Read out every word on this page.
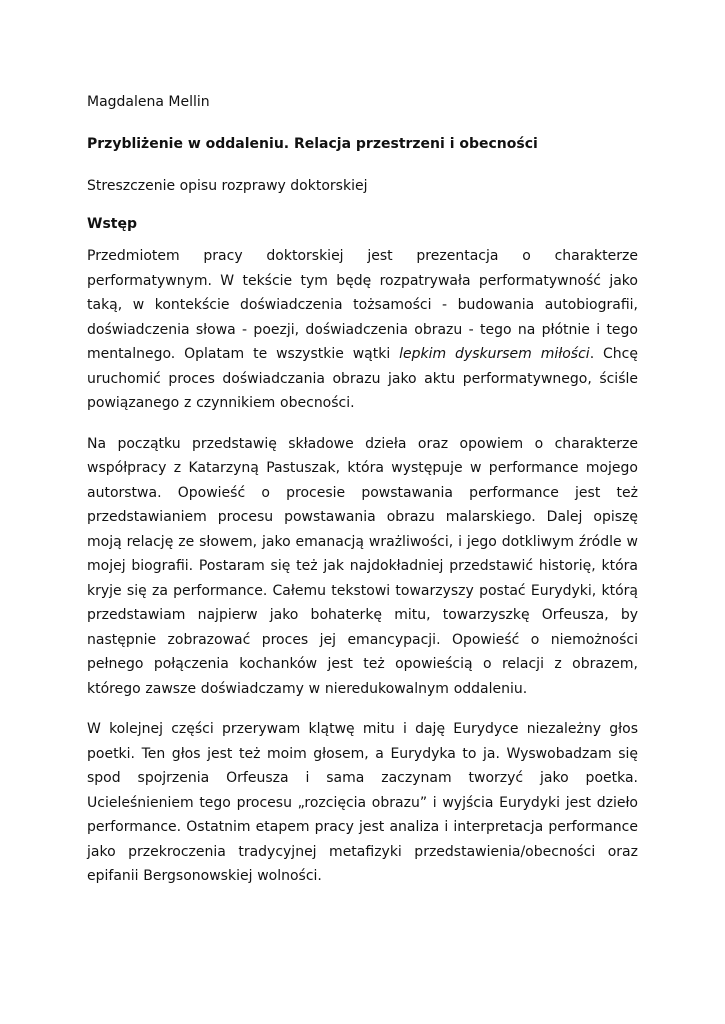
Magdalena Mellin

Przybliżenie w oddaleniu. Relacja przestrzeni i obecności

Streszczenie opisu rozprawy doktorskiej

Wstęp

Przedmiotem pracy doktorskiej jest prezentacja o charakterze performatywnym. W tekście tym będę rozpatrywała performatywność jako taką, w kontekście doświadczenia tożsamości - budowania autobiografii, doświadczenia słowa - poezji, doświadczenia obrazu - tego na płótnie i tego mentalnego. Oplatam te wszystkie wątki lepkim dyskursem miłości. Chcę uruchomić proces doświadczania obrazu jako aktu performatywnego, ściśle powiązanego z czynnikiem obecności.

Na początku przedstawię składowe dzieła oraz opowiem o charakterze współpracy z Katarzyną Pastuszak, która występuje w performance mojego autorstwa. Opowieść o procesie powstawania performance jest też przedstawianiem procesu powstawania obrazu malarskiego. Dalej opiszę moją relację ze słowem, jako emanacją wrażliwości, i jego dotkliwym źródle w mojej biografii. Postaram się też jak najdokładniej przedstawić historię, która kryje się za performance. Całemu tekstowi towarzyszy postać Eurydyki, którą przedstawiam najpierw jako bohaterkę mitu, towarzyszkę Orfeusza, by następnie zobrazować proces jej emancypacji. Opowieść o niemożności pełnego połączenia kochanków jest też opowieścią o relacji z obrazem, którego zawsze doświadczamy w nieredukowalnym oddaleniu.

W kolejnej części przerywam klątwę mitu i daję Eurydyce niezależny głos poetki. Ten głos jest też moim głosem, a Eurydyka to ja. Wyswobadzam się spod spojrzenia Orfeusza i sama zaczynam tworzyć jako poetka. Ucieleśnieniem tego procesu „rozcięcia obrazu” i wyjścia Eurydyki jest dzieło performance. Ostatnim etapem pracy jest analiza i interpretacja performance jako przekroczenia tradycyjnej metafizyki przedstawienia/obecności oraz epifanii Bergsonowskiej wolności.
